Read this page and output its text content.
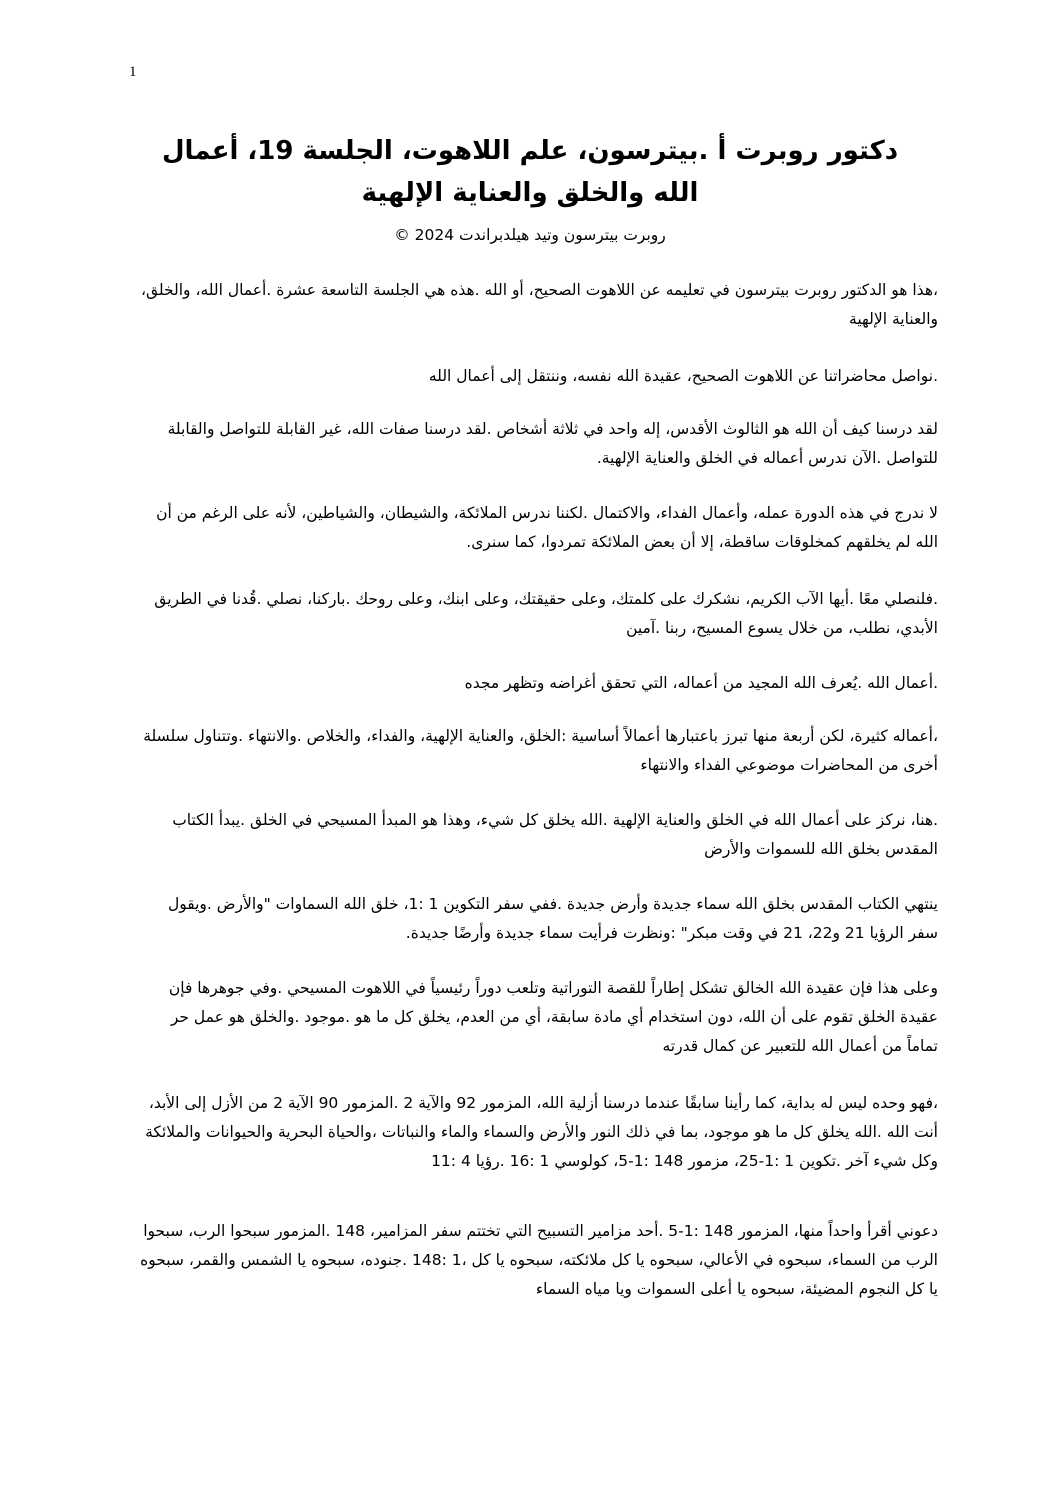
1
دكتور روبرت أ .بيترسون، علم اللاهوت، الجلسة 19، أعمال الله والخلق والعناية الإلهية
روبرت بيترسون وتيد هيلدبراندت 2024 ©

،هذا هو الدكتور روبرت بيترسون في تعليمه عن اللاهوت الصحيح، أو الله .هذه هي الجلسة التاسعة عشرة .أعمال الله، والخلق، والعناية الإلهية

.نواصل محاضراتنا عن اللاهوت الصحيح، عقيدة الله نفسه، وننتقل إلى أعمال الله

لقد درسنا كيف أن الله هو الثالوث الأقدس، إله واحد في ثلاثة أشخاص .لقد درسنا صفات الله، غير القابلة للتواصل والقابلة للتواصل .الآن ندرس أعماله في الخلق والعناية الإلهية.

لا ندرج في هذه الدورة عمله، وأعمال الفداء، والاكتمال .لكننا ندرس الملائكة، والشيطان، والشياطين، لأنه على الرغم من أن الله لم يخلقهم كمخلوقات ساقطة، إلا أن بعض الملائكة تمردوا، كما سنرى.

.فلنصلي معًا .أيها الآب الكريم، نشكرك على كلمتك، وعلى حقيقتك، وعلى ابنك، وعلى روحك .باركنا، نصلي .قُدنا في الطريق الأبدي، نطلب، من خلال يسوع المسيح، ربنا .آمين

.أعمال الله .يُعرف الله المجيد من أعماله، التي تحقق أغراضه وتظهر مجده

،أعماله كثيرة، لكن أربعة منها تبرز باعتبارها أعمالاً أساسية :الخلق، والعناية الإلهية، والفداء، والخلاص .والانتهاء .وتتناول سلسلة أخرى من المحاضرات موضوعي الفداء والانتهاء

.هنا، نركز على أعمال الله في الخلق والعناية الإلهية .الله يخلق كل شيء، وهذا هو المبدأ المسيحي في الخلق .يبدأ الكتاب المقدس بخلق الله للسموات والأرض

ينتهي الكتاب المقدس بخلق الله سماء جديدة وأرض جديدة .ففي سفر التكوين 1 :1، خلق الله السماوات "والأرض .ويقول سفر الرؤيا 21 و22، 21 في وقت مبكر" :ونظرت فرأيت سماء جديدة وأرضًا جديدة.

وعلى هذا فإن عقيدة الله الخالق تشكل إطاراً للقصة التوراتية وتلعب دوراً رئيسياً في اللاهوت المسيحي .وفي جوهرها فإن عقيدة الخلق تقوم على أن الله، دون استخدام أي مادة سابقة، أي من العدم، يخلق كل ما هو .موجود .والخلق هو عمل حر تماماً من أعمال الله للتعبير عن كمال قدرته

،فهو وحده ليس له بداية، كما رأينا سابقًا عندما درسنا أزلية الله، المزمور 92 والآية 2 .المزمور 90 الآية 2 من الأزل إلى الأبد، أنت الله .الله يخلق كل ما هو موجود، بما في ذلك النور والأرض والسماء والماء والنباتات ،والحياة البحرية والحيوانات والملائكة وكل شيء آخر .تكوين 1 :1-25، مزمور 148 :1-5، كولوسي 1 :16 .رؤيا 4 :11

دعوني أقرأ واحداً منها، المزمور 148 :1-5 .أحد مزامير التسبيح التي تختتم سفر المزامير، 148 .المزمور سبحوا الرب، سبحوا الرب من السماء، سبحوه في الأعالي، سبحوه يا كل ملائكته، سبحوه يا كل ،1 :148 .جنوده، سبحوه يا الشمس والقمر، سبحوه يا كل النجوم المضيئة، سبحوه يا أعلى السموات ويا مياه السماء
